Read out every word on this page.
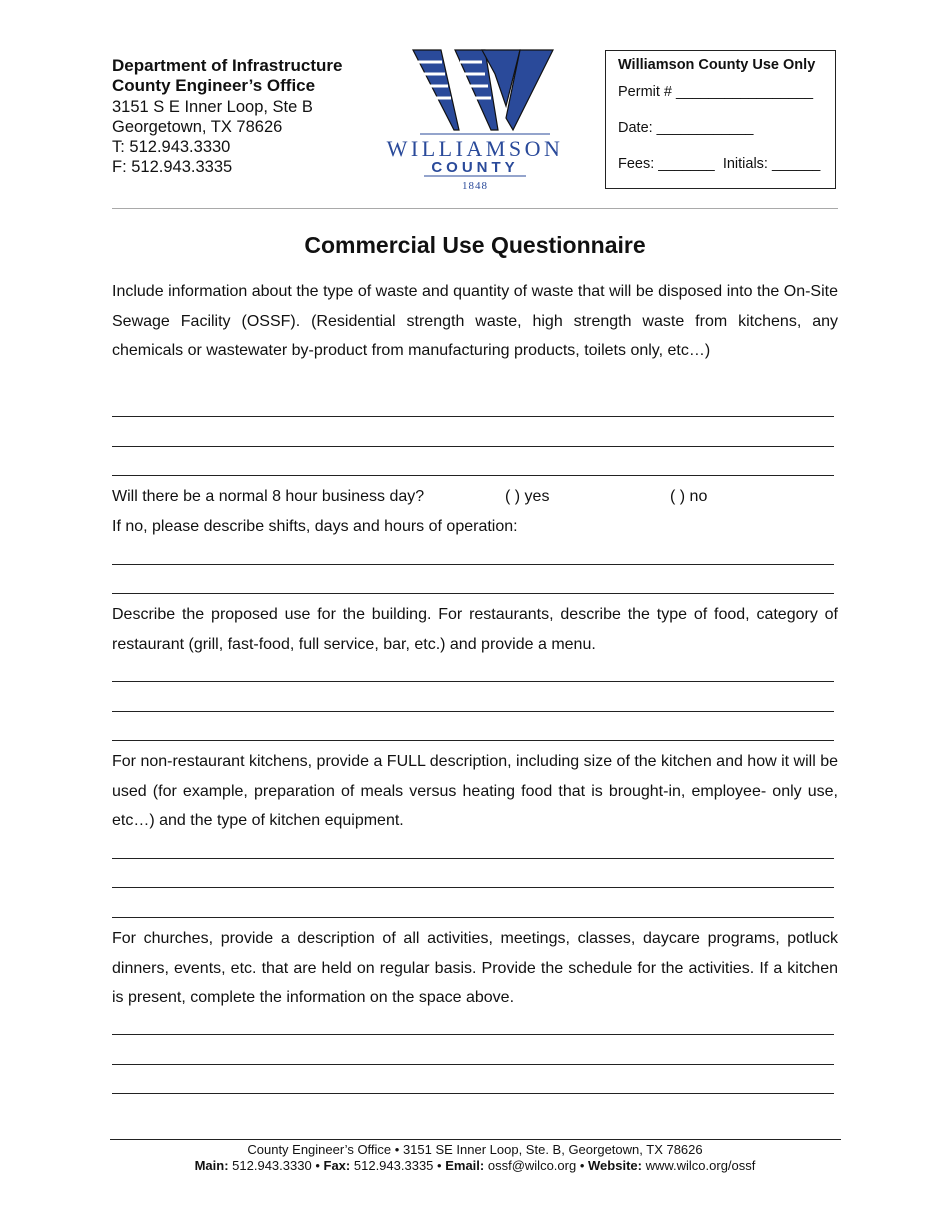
Department of Infrastructure
County Engineer’s Office
3151 S E Inner Loop, Ste B
Georgetown, TX 78626
T: 512.943.3330
F: 512.943.3335
WILLIAMSON
COUNTY
1848
Williamson County Use Only
Permit # _________________
Date: ____________
Fees: _______ Initials: ______
Commercial Use Questionnaire

Include information about the type of waste and quantity of waste that will be disposed into the On-Site Sewage Facility (OSSF). (Residential strength waste, high strength waste from kitchens, any chemicals or wastewater by-product from manufacturing products, toilets only, etc…)

Will there be a normal 8 hour business day?	( ) yes	( ) no
If no, please describe shifts, days and hours of operation:

Describe the proposed use for the building. For restaurants, describe the type of food, category of restaurant (grill, fast-food, full service, bar, etc.) and provide a menu.

For non-restaurant kitchens, provide a FULL description, including size of the kitchen and how it will be used (for example, preparation of meals versus heating food that is brought-in, employee- only use, etc…) and the type of kitchen equipment.

For churches, provide a description of all activities, meetings, classes, daycare programs, potluck dinners, events, etc. that are held on regular basis. Provide the schedule for the activities. If a kitchen is present, complete the information on the space above.

County Engineer’s Office • 3151 SE Inner Loop, Ste. B, Georgetown, TX 78626
Main: 512.943.3330 • Fax: 512.943.3335 • Email: ossf@wilco.org • Website: www.wilco.org/ossf
